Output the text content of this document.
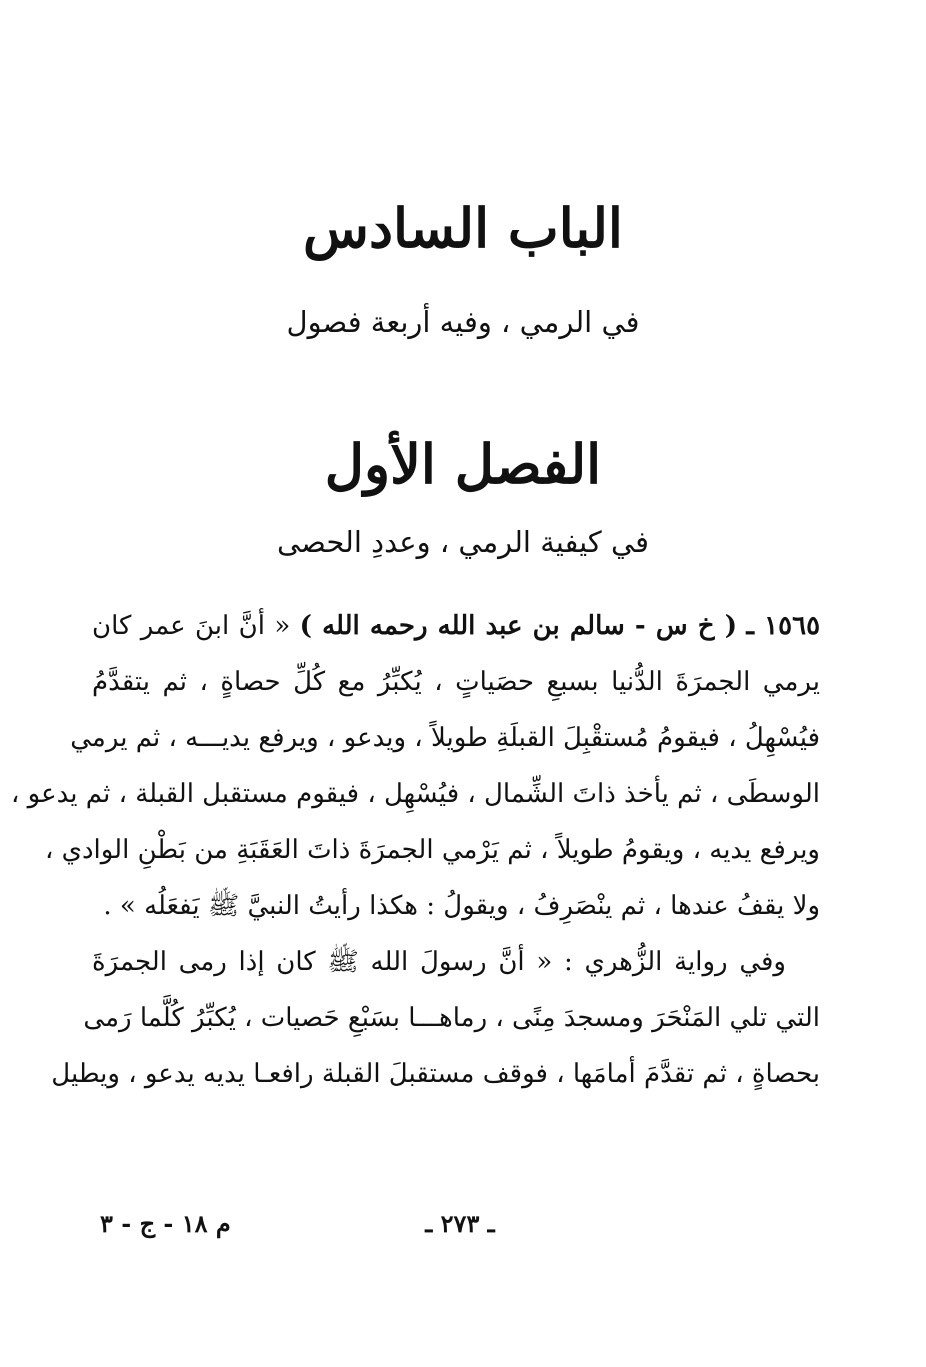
الباب السادس
في الرمي ، وفيه أربعة فصول
الفصل الأول
في كيفية الرمي ، وعددِ الحصى
١٥٦٥ ـ ( خ س - سالم بن عبد الله رحمه الله ) « أنَّ ابنَ عمر كان
يرمي الجمرَةَ الدُّنيا بسبعِ حصَياتٍ ، يُكبِّرُ مع كُلِّ حصاةٍ ، ثم يتقدَّمُ
فيُسْهِلُ ، فيقومُ مُستقْبِلَ القبلَةِ طويلاً ، ويدعو ، ويرفع يديـــه ، ثم يرمي
الوسطَى ، ثم يأخذ ذاتَ الشِّمال ، فيُسْهِل ، فيقوم مستقبل القبلة ، ثم يدعو ،
ويرفع يديه ، ويقومُ طويلاً ، ثم يَرْمي الجمرَةَ ذاتَ العَقَبَةِ من بَطْنِ الوادي ،
ولا يقفُ عندها ، ثم ينْصَرِفُ ، ويقولُ : هكذا رأيتُ النبيَّ ﷺ يَفعَلُه » .
وفي رواية الزُّهري : « أنَّ رسولَ الله ﷺ كان إذا رمى الجمرَةَ
التي تلي المَنْحَرَ ومسجدَ مِنًى ، رماهـــا بسَبْعِ حَصيات ، يُكبِّرُ كُلَّما رَمى
بحصاةٍ ، ثم تقدَّمَ أمامَها ، فوقف مستقبلَ القبلة رافعـا يديه يدعو ، ويطيل
ـ ٢٧٣ ـ
م ١٨ - ج - ٣
